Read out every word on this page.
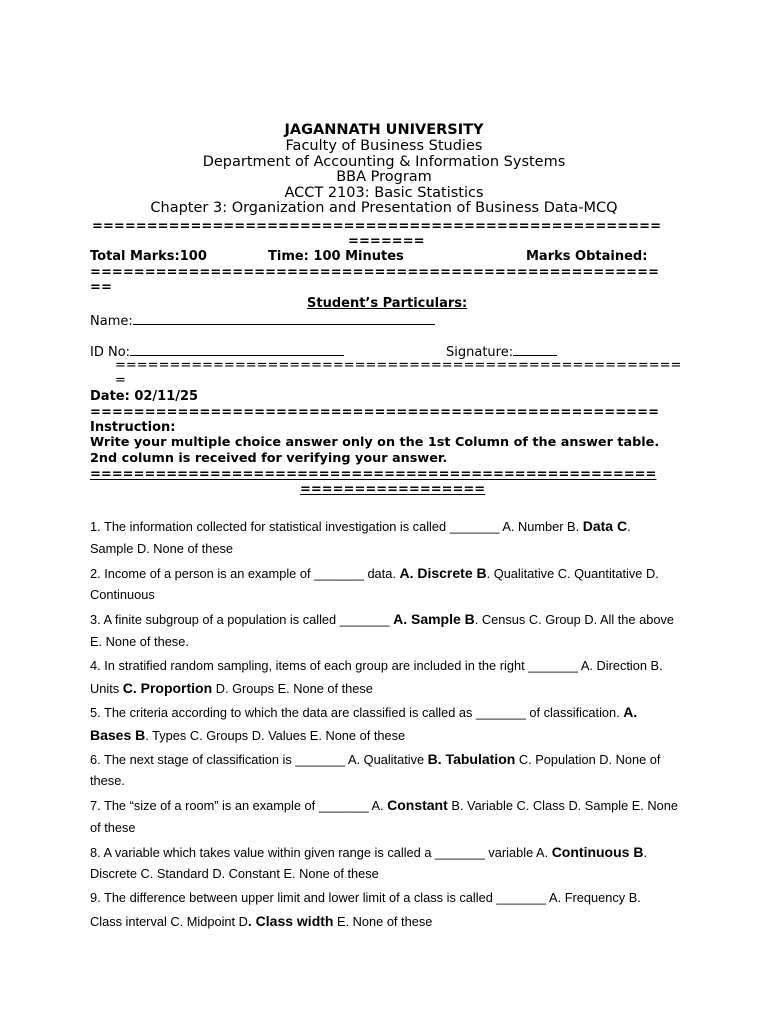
JAGANNATH UNIVERSITY
Faculty of Business Studies
Department of Accounting & Information Systems
BBA Program
ACCT 2103: Basic Statistics
Chapter 3: Organization and Presentation of Business Data-MCQ
====================================================
=======
Total Marks:100	Time: 100 Minutes	Marks Obtained:
====================================================
==
Student’s Particulars:
Name:
ID No:	Signature:
====================================================
=
Date: 02/11/25
====================================================
Instruction:
Write your multiple choice answer only on the 1st Column of the answer table.
2nd column is received for verifying your answer.
====================================================
=================
1. The information collected for statistical investigation is called _______ A. Number B. Data C.
Sample D. None of these
2. Income of a person is an example of _______ data. A. Discrete B. Qualitative C. Quantitative D.
Continuous
3. A finite subgroup of a population is called _______ A. Sample B. Census C. Group D. All the above
E. None of these.
4. In stratified random sampling, items of each group are included in the right _______ A. Direction B.
Units C. Proportion D. Groups E. None of these
5. The criteria according to which the data are classified is called as _______ of classification. A.
Bases B. Types C. Groups D. Values E. None of these
6. The next stage of classification is _______ A. Qualitative B. Tabulation C. Population D. None of
these.
7. The “size of a room” is an example of _______ A. Constant B. Variable C. Class D. Sample E. None
of these
8. A variable which takes value within given range is called a _______ variable A. Continuous B.
Discrete C. Standard D. Constant E. None of these
9. The difference between upper limit and lower limit of a class is called _______ A. Frequency B.
Class interval C. Midpoint D. Class width E. None of these
